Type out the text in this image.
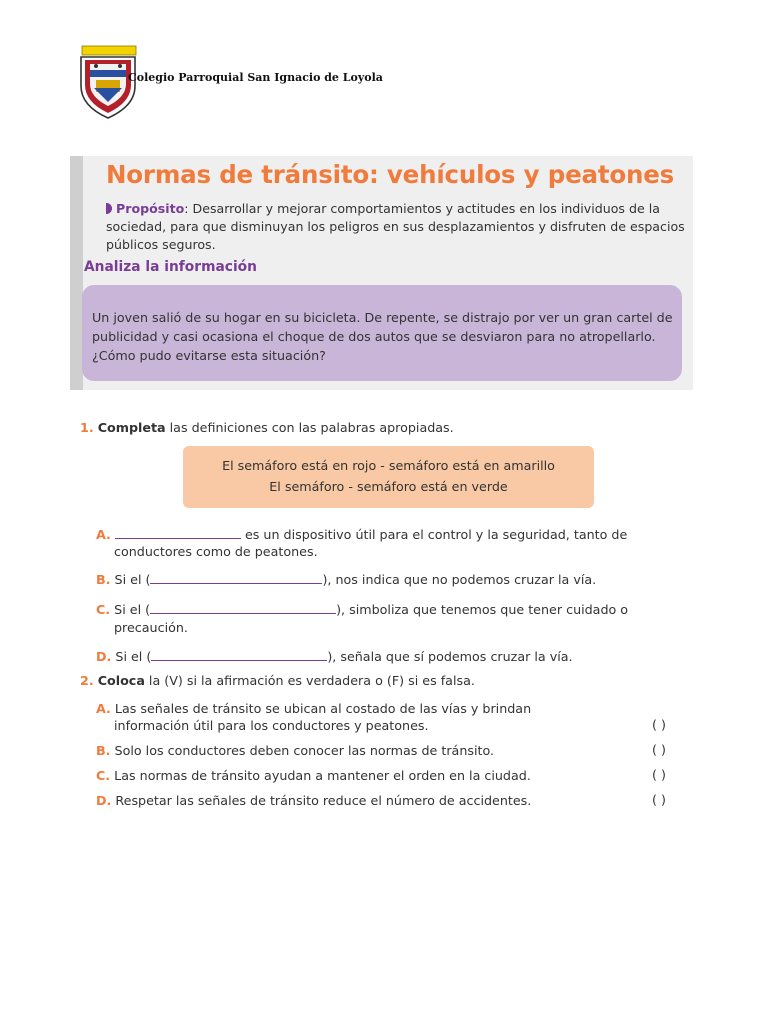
Colegio Parroquial San Ignacio de Loyola
Normas de tránsito: vehículos y peatones
Propósito: Desarrollar y mejorar comportamientos y actitudes en los individuos de la sociedad, para que disminuyan los peligros en sus desplazamientos y disfruten de espacios públicos seguros.
Analiza la información
Un joven salió de su hogar en su bicicleta. De repente, se distrajo por ver un gran cartel de publicidad y casi ocasiona el choque de dos autos que se desviaron para no atropellarlo. ¿Cómo pudo evitarse esta situación?
1. Completa las definiciones con las palabras apropiadas.
El semáforo está en rojo - semáforo está en amarillo
El semáforo - semáforo está en verde
A.	es un dispositivo útil para el control y la seguridad, tanto de
conductores como de peatones.
B. Si el (	), nos indica que no podemos cruzar la vía.
C. Si el (	), simboliza que tenemos que tener cuidado o
precaución.
D. Si el (	), señala que sí podemos cruzar la vía.
2. Coloca la (V) si la afirmación es verdadera o (F) si es falsa.
A. Las señales de tránsito se ubican al costado de las vías y brindan
información útil para los conductores y peatones.	( )
B. Solo los conductores deben conocer las normas de tránsito.	( )
C. Las normas de tránsito ayudan a mantener el orden en la ciudad.	( )
D. Respetar las señales de tránsito reduce el número de accidentes.	( )
